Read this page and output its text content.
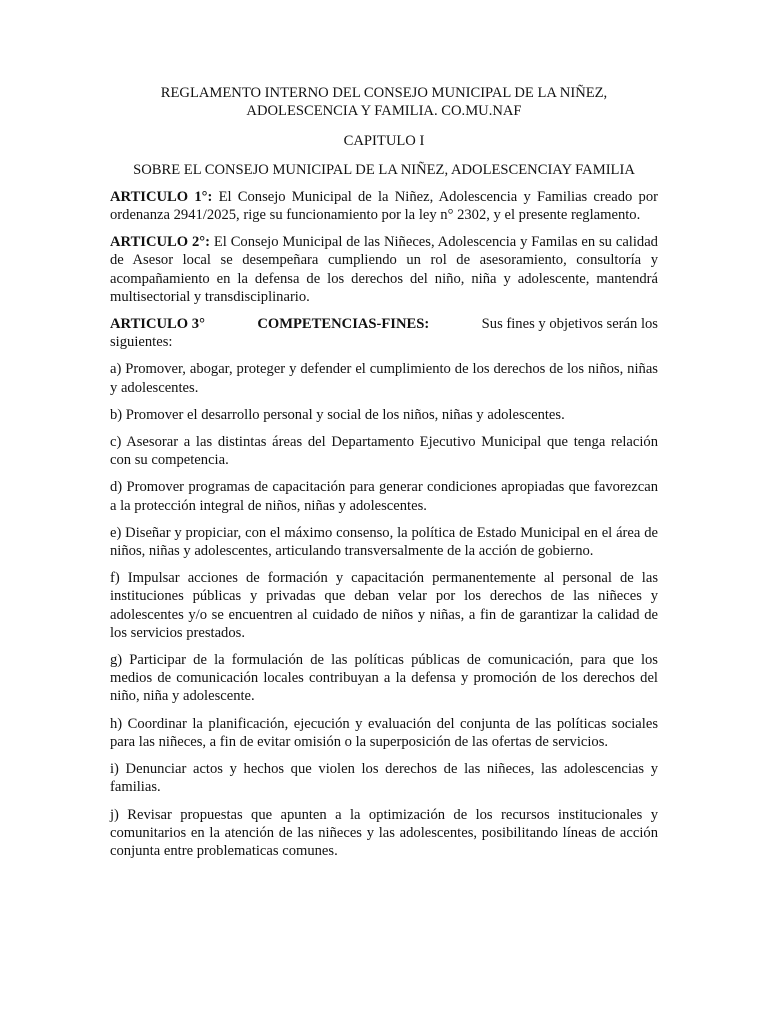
REGLAMENTO INTERNO DEL CONSEJO MUNICIPAL DE LA NIÑEZ,
ADOLESCENCIA Y FAMILIA. CO.MU.NAF
CAPITULO I
SOBRE EL CONSEJO MUNICIPAL DE LA NIÑEZ, ADOLESCENCIAY FAMILIA

ARTICULO 1°: El Consejo Municipal de la Niñez, Adolescencia y Familias creado por ordenanza 2941/2025, rige su funcionamiento por la ley n° 2302, y el presente reglamento.

ARTICULO 2°: El Consejo Municipal de las Niñeces, Adolescencia y Familas en su calidad de Asesor local se desempeñara cumpliendo un rol de asesoramiento, consultoría y acompañamiento en la defensa de los derechos del niño, niña y adolescente, mantendrá multisectorial y transdisciplinario.

ARTICULO 3°	COMPETENCIAS-FINES:	Sus fines y objetivos serán los
siguientes:

a) Promover, abogar, proteger y defender el cumplimiento de los derechos de los niños, niñas y adolescentes.

b) Promover el desarrollo personal y social de los niños, niñas y adolescentes.

c) Asesorar a las distintas áreas del Departamento Ejecutivo Municipal que tenga relación con su competencia.

d) Promover programas de capacitación para generar condiciones apropiadas que favorezcan a la protección integral de niños, niñas y adolescentes.

e) Diseñar y propiciar, con el máximo consenso, la política de Estado Municipal en el área de niños, niñas y adolescentes, articulando transversalmente de la acción de gobierno.

f) Impulsar acciones de formación y capacitación permanentemente al personal de las instituciones públicas y privadas que deban velar por los derechos de las niñeces y adolescentes y/o se encuentren al cuidado de niños y niñas, a fin de garantizar la calidad de los servicios prestados.

g) Participar de la formulación de las políticas públicas de comunicación, para que los medios de comunicación locales contribuyan a la defensa y promoción de los derechos del niño, niña y adolescente.

h) Coordinar la planificación, ejecución y evaluación del conjunta de las políticas sociales para las niñeces, a fin de evitar omisión o la superposición de las ofertas de servicios.

i) Denunciar actos y hechos que violen los derechos de las niñeces, las adolescencias y familias.

j) Revisar propuestas que apunten a la optimización de los recursos institucionales y comunitarios en la atención de las niñeces y las adolescentes, posibilitando líneas de acción conjunta entre problematicas comunes.
